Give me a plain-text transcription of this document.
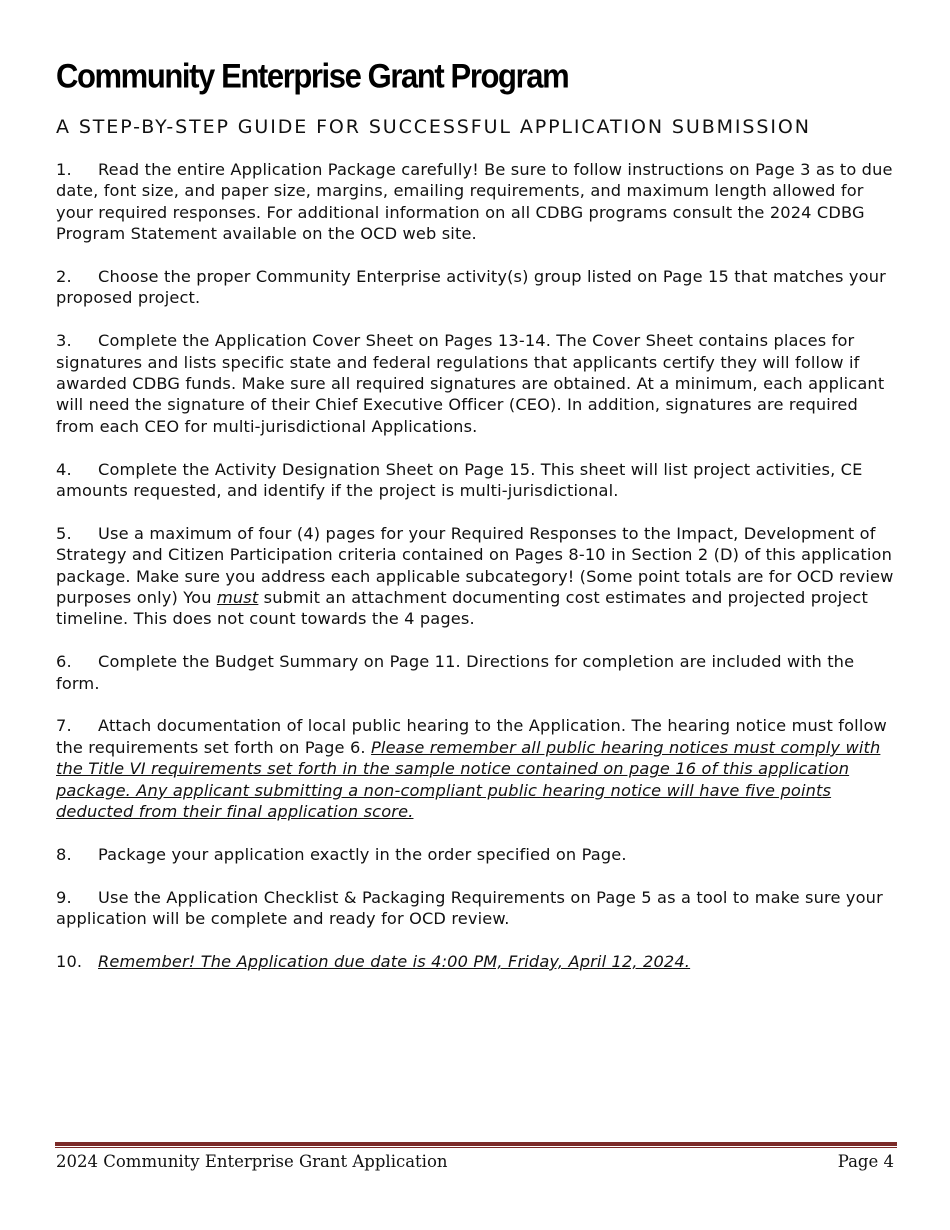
Community Enterprise Grant Program
A STEP-BY-STEP GUIDE FOR SUCCESSFUL APPLICATION SUBMISSION

1. Read the entire Application Package carefully! Be sure to follow instructions on Page 3 as to due date, font size, and paper size, margins, emailing requirements, and maximum length allowed for your required responses. For additional information on all CDBG programs consult the 2024 CDBG Program Statement available on the OCD web site.

2. Choose the proper Community Enterprise activity(s) group listed on Page 15 that matches your proposed project.

3. Complete the Application Cover Sheet on Pages 13-14. The Cover Sheet contains places for signatures and lists specific state and federal regulations that applicants certify they will follow if awarded CDBG funds. Make sure all required signatures are obtained. At a minimum, each applicant will need the signature of their Chief Executive Officer (CEO). In addition, signatures are required from each CEO for multi-jurisdictional Applications.

4. Complete the Activity Designation Sheet on Page 15. This sheet will list project activities, CE amounts requested, and identify if the project is multi-jurisdictional.

5. Use a maximum of four (4) pages for your Required Responses to the Impact, Development of Strategy and Citizen Participation criteria contained on Pages 8-10 in Section 2 (D) of this application package. Make sure you address each applicable subcategory! (Some point totals are for OCD review purposes only) You must submit an attachment documenting cost estimates and projected project timeline. This does not count towards the 4 pages.

6. Complete the Budget Summary on Page 11. Directions for completion are included with the form.

7. Attach documentation of local public hearing to the Application. The hearing notice must follow the requirements set forth on Page 6. Please remember all public hearing notices must comply with the Title VI requirements set forth in the sample notice contained on page 16 of this application package. Any applicant submitting a non-compliant public hearing notice will have five points deducted from their final application score.

8. Package your application exactly in the order specified on Page.

9. Use the Application Checklist & Packaging Requirements on Page 5 as a tool to make sure your application will be complete and ready for OCD review.

10. Remember! The Application due date is 4:00 PM, Friday, April 12, 2024.

2024 Community Enterprise Grant Application	Page 4
